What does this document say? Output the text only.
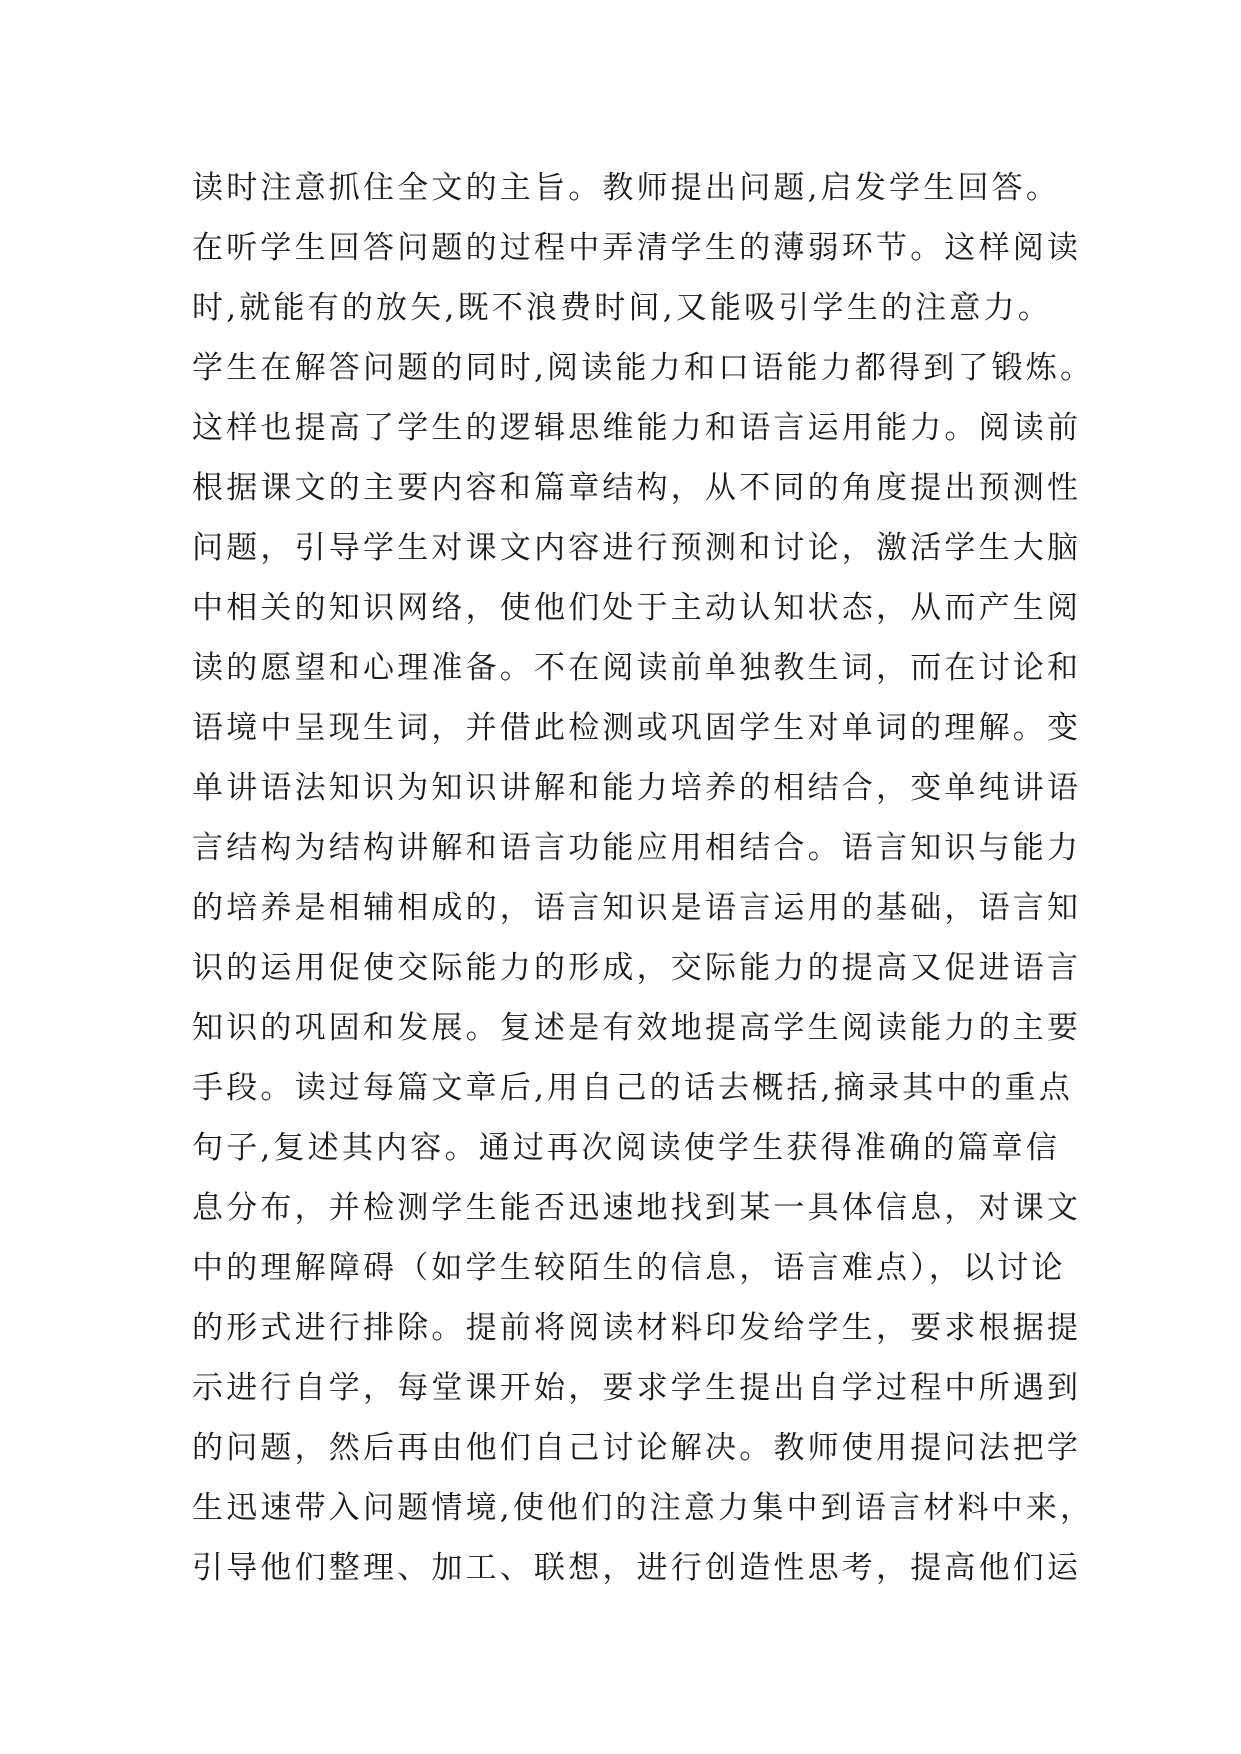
读时注意抓住全文的主旨。教师提出问题,启发学生回答。
在听学生回答问题的过程中弄清学生的薄弱环节。这样阅读
时,就能有的放矢,既不浪费时间,又能吸引学生的注意力。
学生在解答问题的同时,阅读能力和口语能力都得到了锻炼。
这样也提高了学生的逻辑思维能力和语言运用能力。阅读前
根据课文的主要内容和篇章结构，从不同的角度提出预测性
问题，引导学生对课文内容进行预测和讨论，激活学生大脑
中相关的知识网络，使他们处于主动认知状态，从而产生阅
读的愿望和心理准备。不在阅读前单独教生词，而在讨论和
语境中呈现生词，并借此检测或巩固学生对单词的理解。变
单讲语法知识为知识讲解和能力培养的相结合，变单纯讲语
言结构为结构讲解和语言功能应用相结合。语言知识与能力
的培养是相辅相成的，语言知识是语言运用的基础，语言知
识的运用促使交际能力的形成，交际能力的提高又促进语言
知识的巩固和发展。复述是有效地提高学生阅读能力的主要
手段。读过每篇文章后,用自己的话去概括,摘录其中的重点
句子,复述其内容。通过再次阅读使学生获得准确的篇章信
息分布，并检测学生能否迅速地找到某一具体信息，对课文
中的理解障碍（如学生较陌生的信息，语言难点），以讨论
的形式进行排除。提前将阅读材料印发给学生，要求根据提
示进行自学，每堂课开始，要求学生提出自学过程中所遇到
的问题，然后再由他们自己讨论解决。教师使用提问法把学
生迅速带入问题情境,使他们的注意力集中到语言材料中来，
引导他们整理、加工、联想，进行创造性思考，提高他们运
